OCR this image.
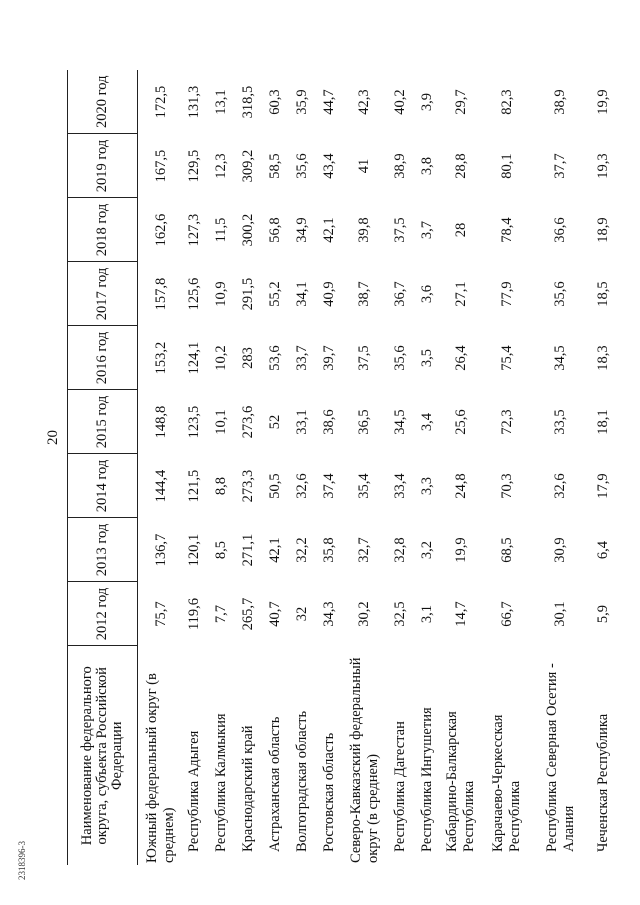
20
2318396-3
Наименование федерального округа, субъекта Российской Федерации	2012 год	2013 год	2014 год	2015 год	2016 год	2017 год	2018 год	2019 год	2020 год
Южный федеральный округ (в среднем)	75,7	136,7	144,4	148,8	153,2	157,8	162,6	167,5	172,5
Республика Адыгея	119,6	120,1	121,5	123,5	124,1	125,6	127,3	129,5	131,3
Республика Калмыкия	7,7	8,5	8,8	10,1	10,2	10,9	11,5	12,3	13,1
Краснодарский край	265,7	271,1	273,3	273,6	283	291,5	300,2	309,2	318,5
Астраханская область	40,7	42,1	50,5	52	53,6	55,2	56,8	58,5	60,3
Волгоградская область	32	32,2	32,6	33,1	33,7	34,1	34,9	35,6	35,9
Ростовская область	34,3	35,8	37,4	38,6	39,7	40,9	42,1	43,4	44,7
Северо-Кавказский федеральный округ (в среднем)	30,2	32,7	35,4	36,5	37,5	38,7	39,8	41	42,3
Республика Дагестан	32,5	32,8	33,4	34,5	35,6	36,7	37,5	38,9	40,2
Республика Ингушетия	3,1	3,2	3,3	3,4	3,5	3,6	3,7	3,8	3,9
Кабардино-Балкарская Республика	14,7	19,9	24,8	25,6	26,4	27,1	28	28,8	29,7
Карачаево-Черкесская Республика	66,7	68,5	70,3	72,3	75,4	77,9	78,4	80,1	82,3
Республика Северная Осетия - Алания	30,1	30,9	32,6	33,5	34,5	35,6	36,6	37,7	38,9
Чеченская Республика	5,9	6,4	17,9	18,1	18,3	18,5	18,9	19,3	19,9
